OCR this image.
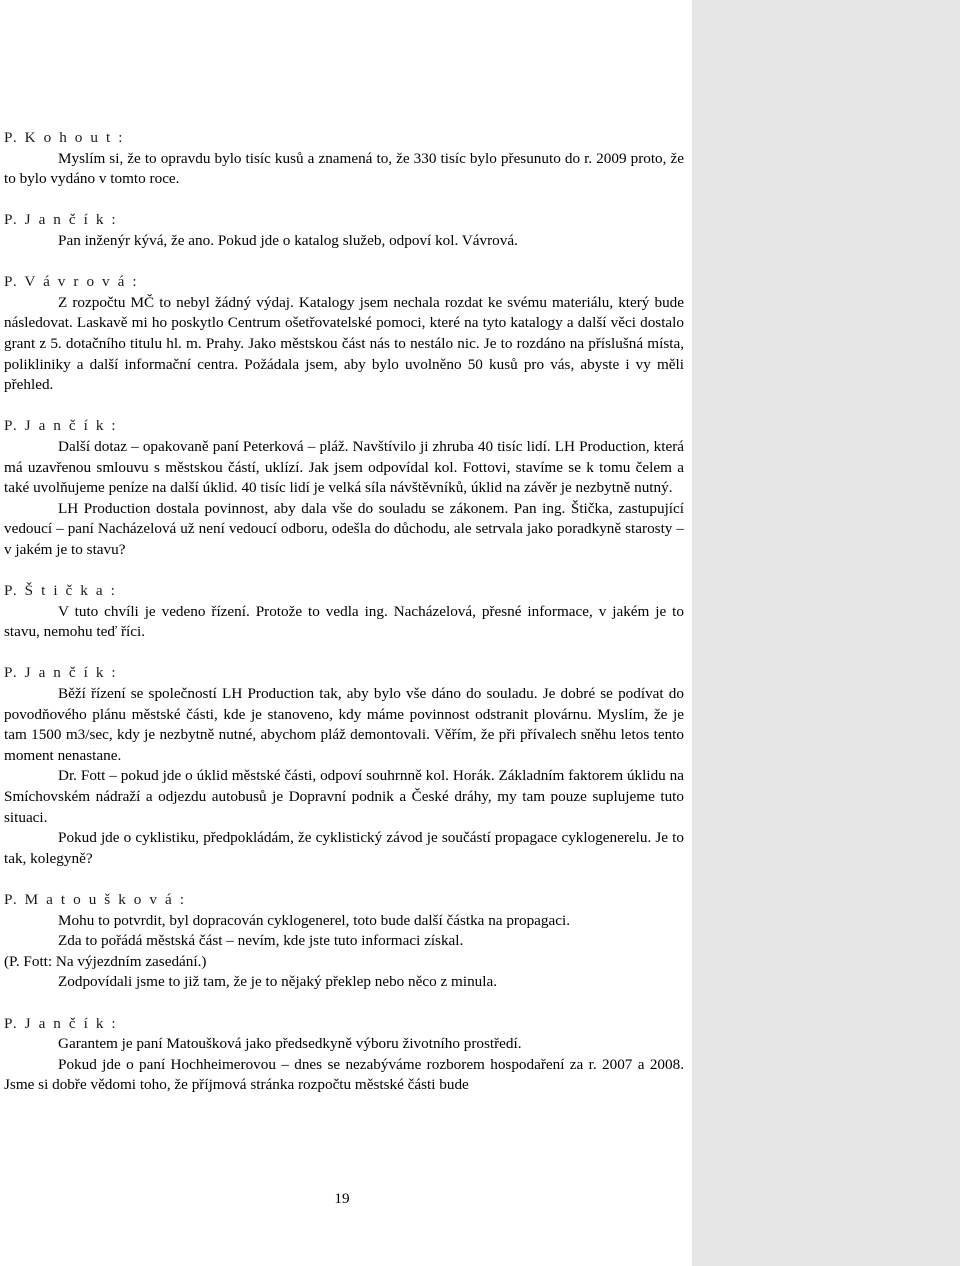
P. K o h o u t :

Myslím si, že to opravdu bylo tisíc kusů a znamená to, že 330 tisíc bylo přesunuto do r. 2009 proto, že to bylo vydáno v tomto roce.

P. J a n č í k :

Pan inženýr kývá, že ano. Pokud jde o katalog služeb, odpoví kol. Vávrová.

P. V á v r o v á :

Z rozpočtu MČ to nebyl žádný výdaj. Katalogy jsem nechala rozdat ke svému materiálu, který bude následovat. Laskavě mi ho poskytlo Centrum ošetřovatelské pomoci, které na tyto katalogy a další věci dostalo grant z 5. dotačního titulu hl. m. Prahy. Jako městskou část nás to nestálo nic. Je to rozdáno na příslušná místa, polikliniky a další informační centra. Požádala jsem, aby bylo uvolněno 50 kusů pro vás, abyste i vy měli přehled.

P. J a n č í k :

Další dotaz – opakovaně paní Peterková – pláž. Navštívilo ji zhruba 40 tisíc lidí. LH Production, která má uzavřenou smlouvu s městskou částí, uklízí. Jak jsem odpovídal kol. Fottovi, stavíme se k tomu čelem a také uvolňujeme peníze na další úklid. 40 tisíc lidí je velká síla návštěvníků, úklid na závěr je nezbytně nutný.

LH Production dostala povinnost, aby dala vše do souladu se zákonem. Pan ing. Štička, zastupující vedoucí – paní Nacházelová už není vedoucí odboru, odešla do důchodu, ale setrvala jako poradkyně starosty – v jakém je to stavu?

P. Š t i č k a :

V tuto chvíli je vedeno řízení. Protože to vedla ing. Nacházelová, přesné informace, v jakém je to stavu, nemohu teď říci.

P. J a n č í k :

Běží řízení se společností LH Production tak, aby bylo vše dáno do souladu. Je dobré se podívat do povodňového plánu městské části, kde je stanoveno, kdy máme povinnost odstranit plovárnu. Myslím, že je tam 1500 m3/sec, kdy je nezbytně nutné, abychom pláž demontovali. Věřím, že při přívalech sněhu letos tento moment nenastane.

Dr. Fott – pokud jde o úklid městské části, odpoví souhrnně kol. Horák. Základním faktorem úklidu na Smíchovském nádraží a odjezdu autobusů je Dopravní podnik a České dráhy, my tam pouze suplujeme tuto situaci.

Pokud jde o cyklistiku, předpokládám, že cyklistický závod je součástí propagace cyklogenerelu. Je to tak, kolegyně?

P. M a t o u š k o v á :

Mohu to potvrdit, byl dopracován cyklogenerel, toto bude další částka na propagaci.

Zda to pořádá městská část – nevím, kde jste tuto informaci získal.

(P. Fott: Na výjezdním zasedání.)

Zodpovídali jsme to již tam, že je to nějaký překlep nebo něco z minula.

P. J a n č í k :

Garantem je paní Matoušková jako předsedkyně výboru životního prostředí.

Pokud jde o paní Hochheimerovou – dnes se nezabýváme rozborem hospodaření za r. 2007 a 2008. Jsme si dobře vědomi toho, že příjmová stránka rozpočtu městské části bude

19
